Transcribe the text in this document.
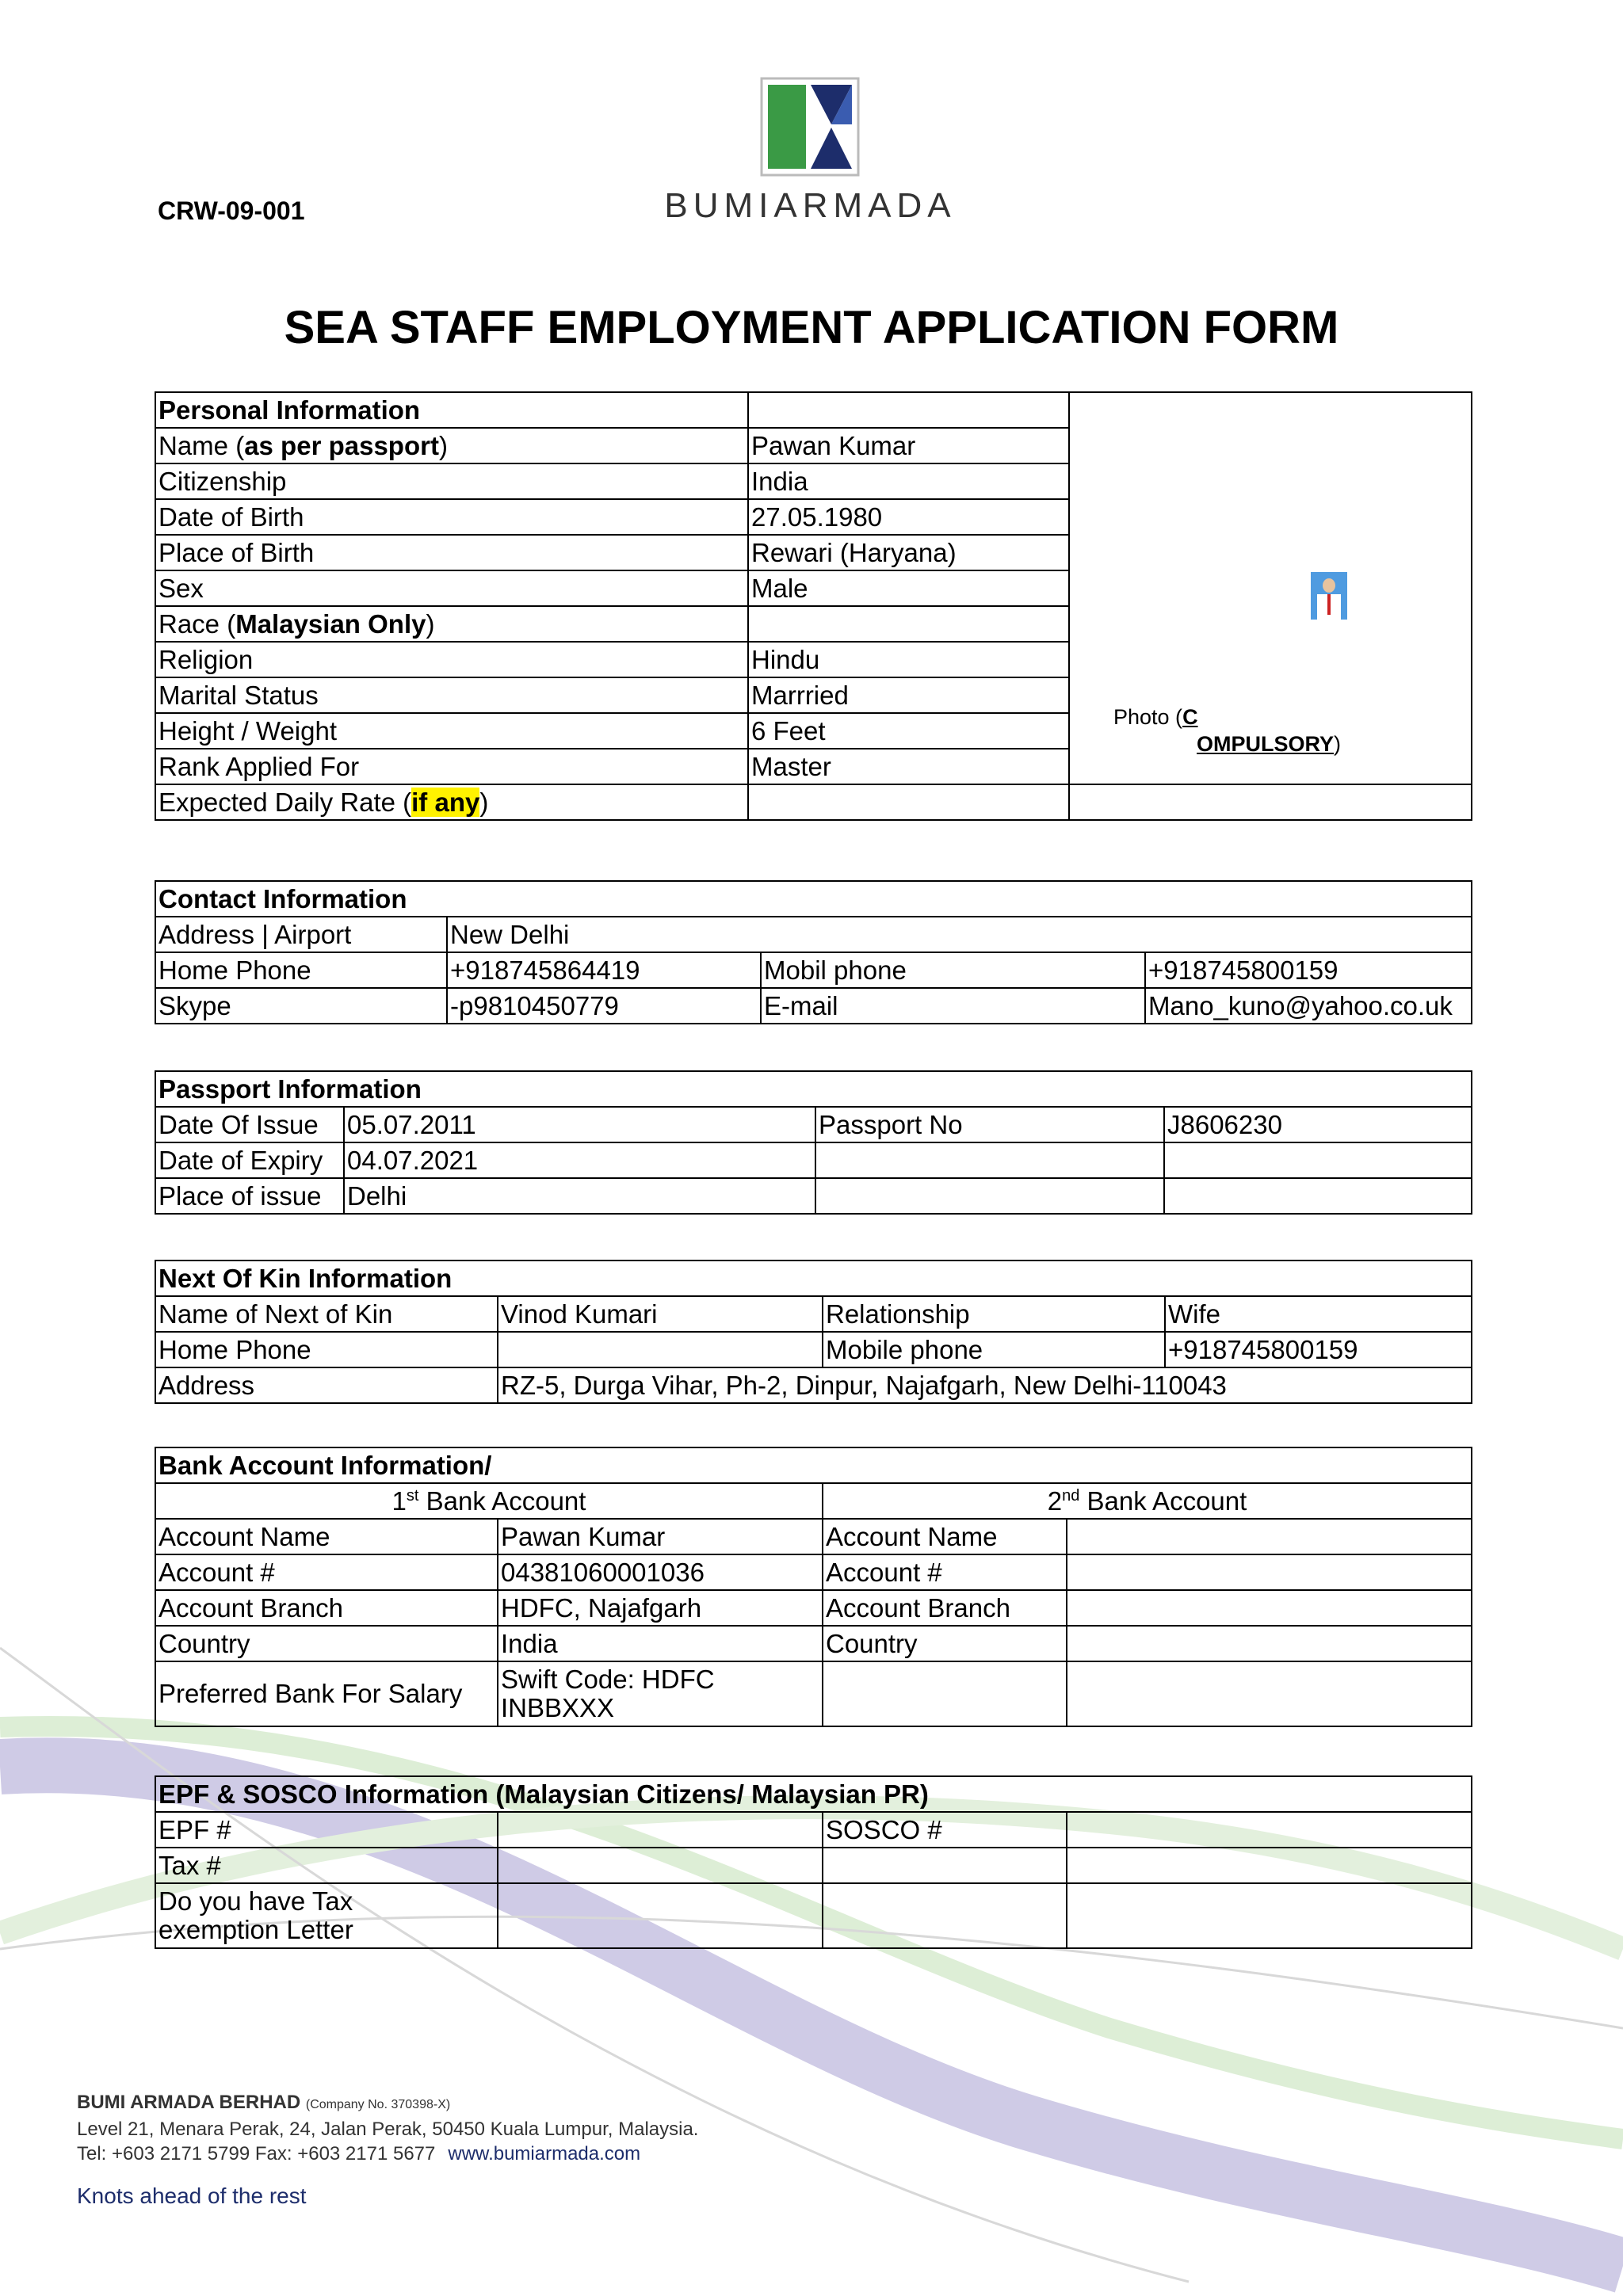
CRW-09-001	BUMIARMADA
SEA STAFF EMPLOYMENT APPLICATION FORM
Personal Information		Photo (C
OMPULSORY)

Name (as per passport)	Pawan Kumar	
Citizenship	India	
Date of Birth	27.05.1980	
Place of Birth	Rewari (Haryana)	
Sex	Male	
Race (Malaysian Only)		
Religion	Hindu	
Marital Status	Marrried	
Height / Weight	6 Feet	
Rank Applied For	Master	
Expected Daily Rate (if any)		
Contact Information			
Address | Airport	New Delhi		
Home Phone	+918745864419	Mobil phone	+918745800159
Skype	-p9810450779	E-mail	Mano_kuno@yahoo.co.uk
Passport Information			
Date Of Issue	05.07.2011	Passport No	J8606230
Date of Expiry	04.07.2021		
Place of issue	Delhi		
Next Of Kin Information			
Name of Next of Kin	Vinod Kumari	Relationship	Wife
Home Phone		Mobile phone	+918745800159
Address	RZ-5, Durga Vihar, Ph-2, Dinpur, Najafgarh, New Delhi-110043		
Bank Account Information/			
1st Bank Account		2nd Bank Account	
Account Name	Pawan Kumar	Account Name	
Account #	04381060001036	Account #	
Account Branch	HDFC, Najafgarh	Account Branch	
Country	India	Country	
Preferred Bank For Salary	Swift Code: HDFC
INBBXXX		
EPF & SOSCO Information (Malaysian Citizens/ Malaysian PR)			
EPF #		SOSCO #	
Tax #			
Do you have Tax
exemption Letter			
BUMI ARMADA BERHAD (Company No. 370398-X)
Level 21, Menara Perak, 24, Jalan Perak, 50450 Kuala Lumpur, Malaysia.
Tel: +603 2171 5799 Fax: +603 2171 5677 www.bumiarmada.com
Knots ahead of the rest
